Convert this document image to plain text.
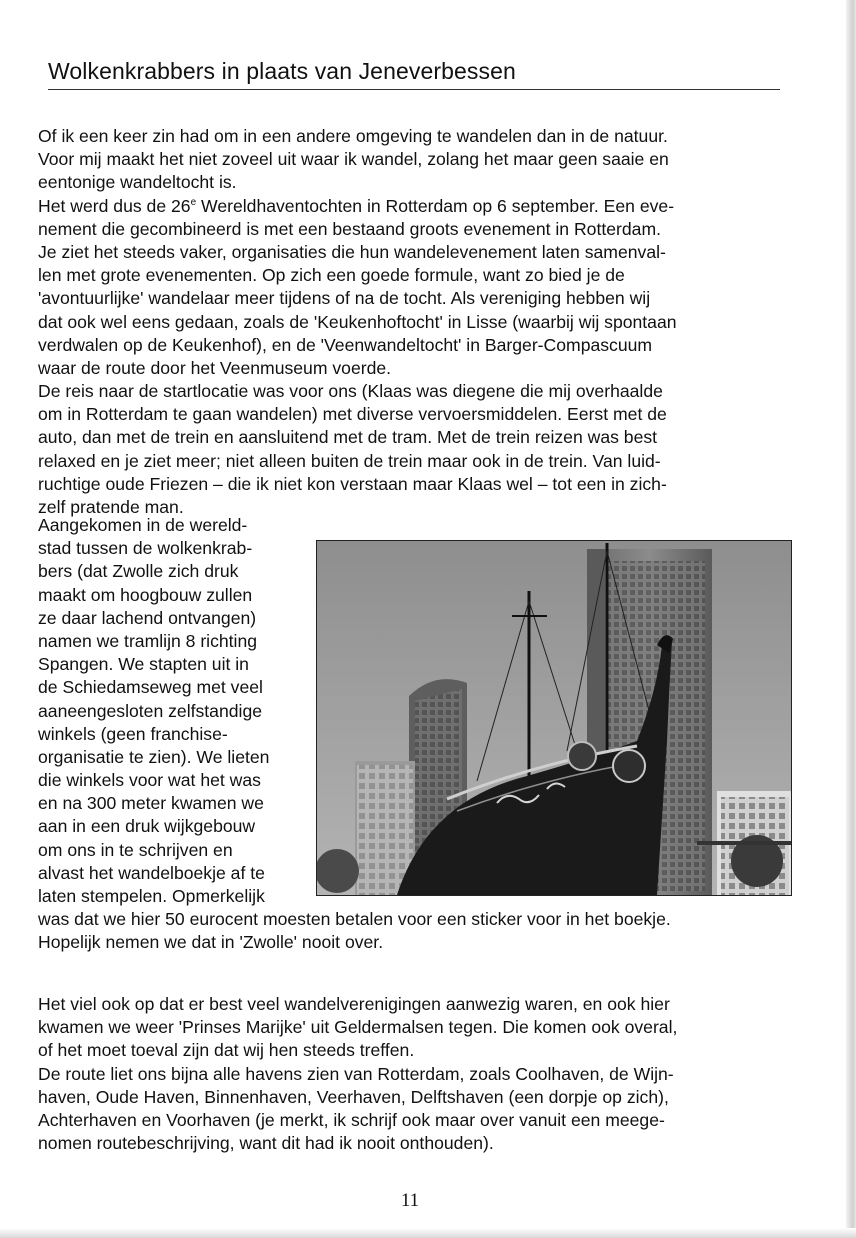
Wolkenkrabbers in plaats van Jeneverbessen
Of ik een keer zin had om in een andere omgeving te wandelen dan in de natuur.
Voor mij maakt het niet zoveel uit waar ik wandel, zolang het maar geen saaie en
eentonige wandeltocht is.
Het werd dus de 26e Wereldhaventochten in Rotterdam op 6 september. Een eve-
nement die gecombineerd is met een bestaand groots evenement in Rotterdam.
Je ziet het steeds vaker, organisaties die hun wandelevenement laten samenval-
len met grote evenementen. Op zich een goede formule, want zo bied je de
'avontuurlijke' wandelaar meer tijdens of na de tocht. Als vereniging hebben wij
dat ook wel eens gedaan, zoals de 'Keukenhoftocht' in Lisse (waarbij wij spontaan
verdwalen op de Keukenhof), en de 'Veenwandeltocht' in Barger-Compascuum
waar de route door het Veenmuseum voerde.
De reis naar de startlocatie was voor ons (Klaas was diegene die mij overhaalde
om in Rotterdam te gaan wandelen) met diverse vervoersmiddelen. Eerst met de
auto, dan met de trein en aansluitend met de tram. Met de trein reizen was best
relaxed en je ziet meer; niet alleen buiten de trein maar ook in de trein. Van luid-
ruchtige oude Friezen – die ik niet kon verstaan maar Klaas wel – tot een in zich-
zelf pratende man.
Aangekomen in de wereld-
stad tussen de wolkenkrab-
bers (dat Zwolle zich druk
maakt om hoogbouw zullen
ze daar lachend ontvangen)
namen we tramlijn 8 richting
Spangen. We stapten uit in
de Schiedamseweg met veel
aaneengesloten zelfstandige
winkels (geen franchise-
organisatie te zien). We lieten
die winkels voor wat het was
en na 300 meter kwamen we
aan in een druk wijkgebouw
om ons in te schrijven en
alvast het wandelboekje af te
laten stempelen. Opmerkelijk
was dat we hier 50 eurocent moesten betalen voor een sticker voor in het boekje.
Hopelijk nemen we dat in 'Zwolle' nooit over.
Het viel ook op dat er best veel wandelverenigingen aanwezig waren, en ook hier
kwamen we weer 'Prinses Marijke' uit Geldermalsen tegen. Die komen ook overal,
of het moet toeval zijn dat wij hen steeds treffen.
De route liet ons bijna alle havens zien van Rotterdam, zoals Coolhaven, de Wijn-
haven, Oude Haven, Binnenhaven, Veerhaven, Delftshaven (een dorpje op zich),
Achterhaven en Voorhaven (je merkt, ik schrijf ook maar over vanuit een meege-
nomen routebeschrijving, want dit had ik nooit onthouden).
11
